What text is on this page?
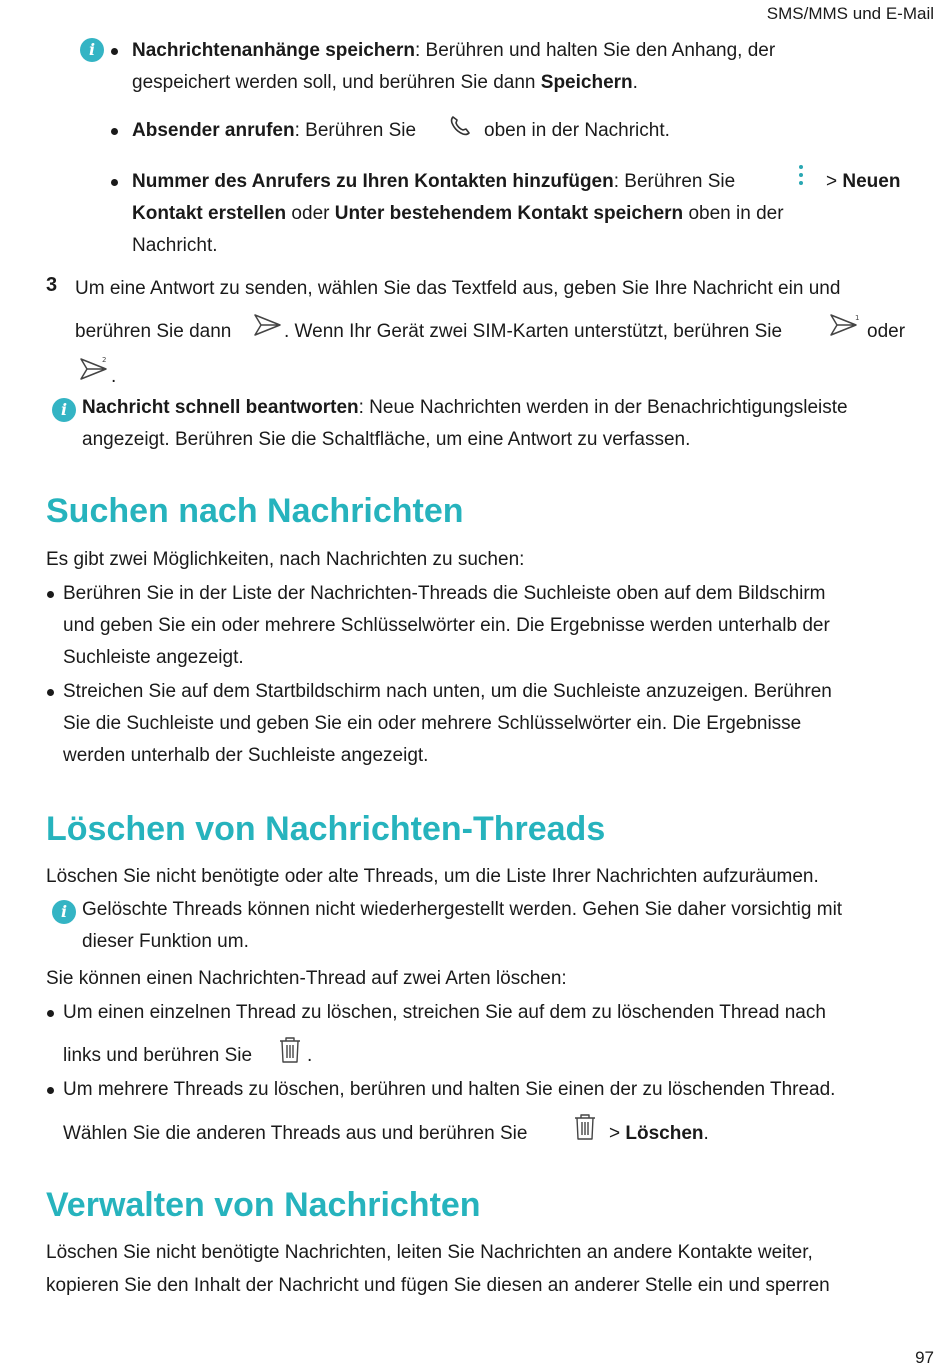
SMS/MMS und E-Mail
i	Nachrichtenanhänge speichern: Berühren und halten Sie den Anhang, der
gespeichert werden soll, und berühren Sie dann Speichern.
Absender anrufen: Berühren Sie	oben in der Nachricht.
Nummer des Anrufers zu Ihren Kontakten hinzufügen: Berühren Sie	> Neuen
Kontakt erstellen oder Unter bestehendem Kontakt speichern oben in der
Nachricht.
3 Um eine Antwort zu senden, wählen Sie das Textfeld aus, geben Sie Ihre Nachricht ein und
berühren Sie dann	. Wenn Ihr Gerät zwei SIM-Karten unterstützt, berühren Sie
1
oder
2
.
i Nachricht schnell beantworten: Neue Nachrichten werden in der Benachrichtigungsleiste
angezeigt. Berühren Sie die Schaltfläche, um eine Antwort zu verfassen.
Suchen nach Nachrichten
Es gibt zwei Möglichkeiten, nach Nachrichten zu suchen:
Berühren Sie in der Liste der Nachrichten-Threads die Suchleiste oben auf dem Bildschirm
und geben Sie ein oder mehrere Schlüsselwörter ein. Die Ergebnisse werden unterhalb der
Suchleiste angezeigt.
Streichen Sie auf dem Startbildschirm nach unten, um die Suchleiste anzuzeigen. Berühren
Sie die Suchleiste und geben Sie ein oder mehrere Schlüsselwörter ein. Die Ergebnisse
werden unterhalb der Suchleiste angezeigt.
Löschen von Nachrichten-Threads
Löschen Sie nicht benötigte oder alte Threads, um die Liste Ihrer Nachrichten aufzuräumen.
i Gelöschte Threads können nicht wiederhergestellt werden. Gehen Sie daher vorsichtig mit
dieser Funktion um.
Sie können einen Nachrichten-Thread auf zwei Arten löschen:
Um einen einzelnen Thread zu löschen, streichen Sie auf dem zu löschenden Thread nach
links und berühren Sie	.
Um mehrere Threads zu löschen, berühren und halten Sie einen der zu löschenden Thread.
Wählen Sie die anderen Threads aus und berühren Sie	> Löschen.
Verwalten von Nachrichten
Löschen Sie nicht benötigte Nachrichten, leiten Sie Nachrichten an andere Kontakte weiter,
kopieren Sie den Inhalt der Nachricht und fügen Sie diesen an anderer Stelle ein und sperren
97
